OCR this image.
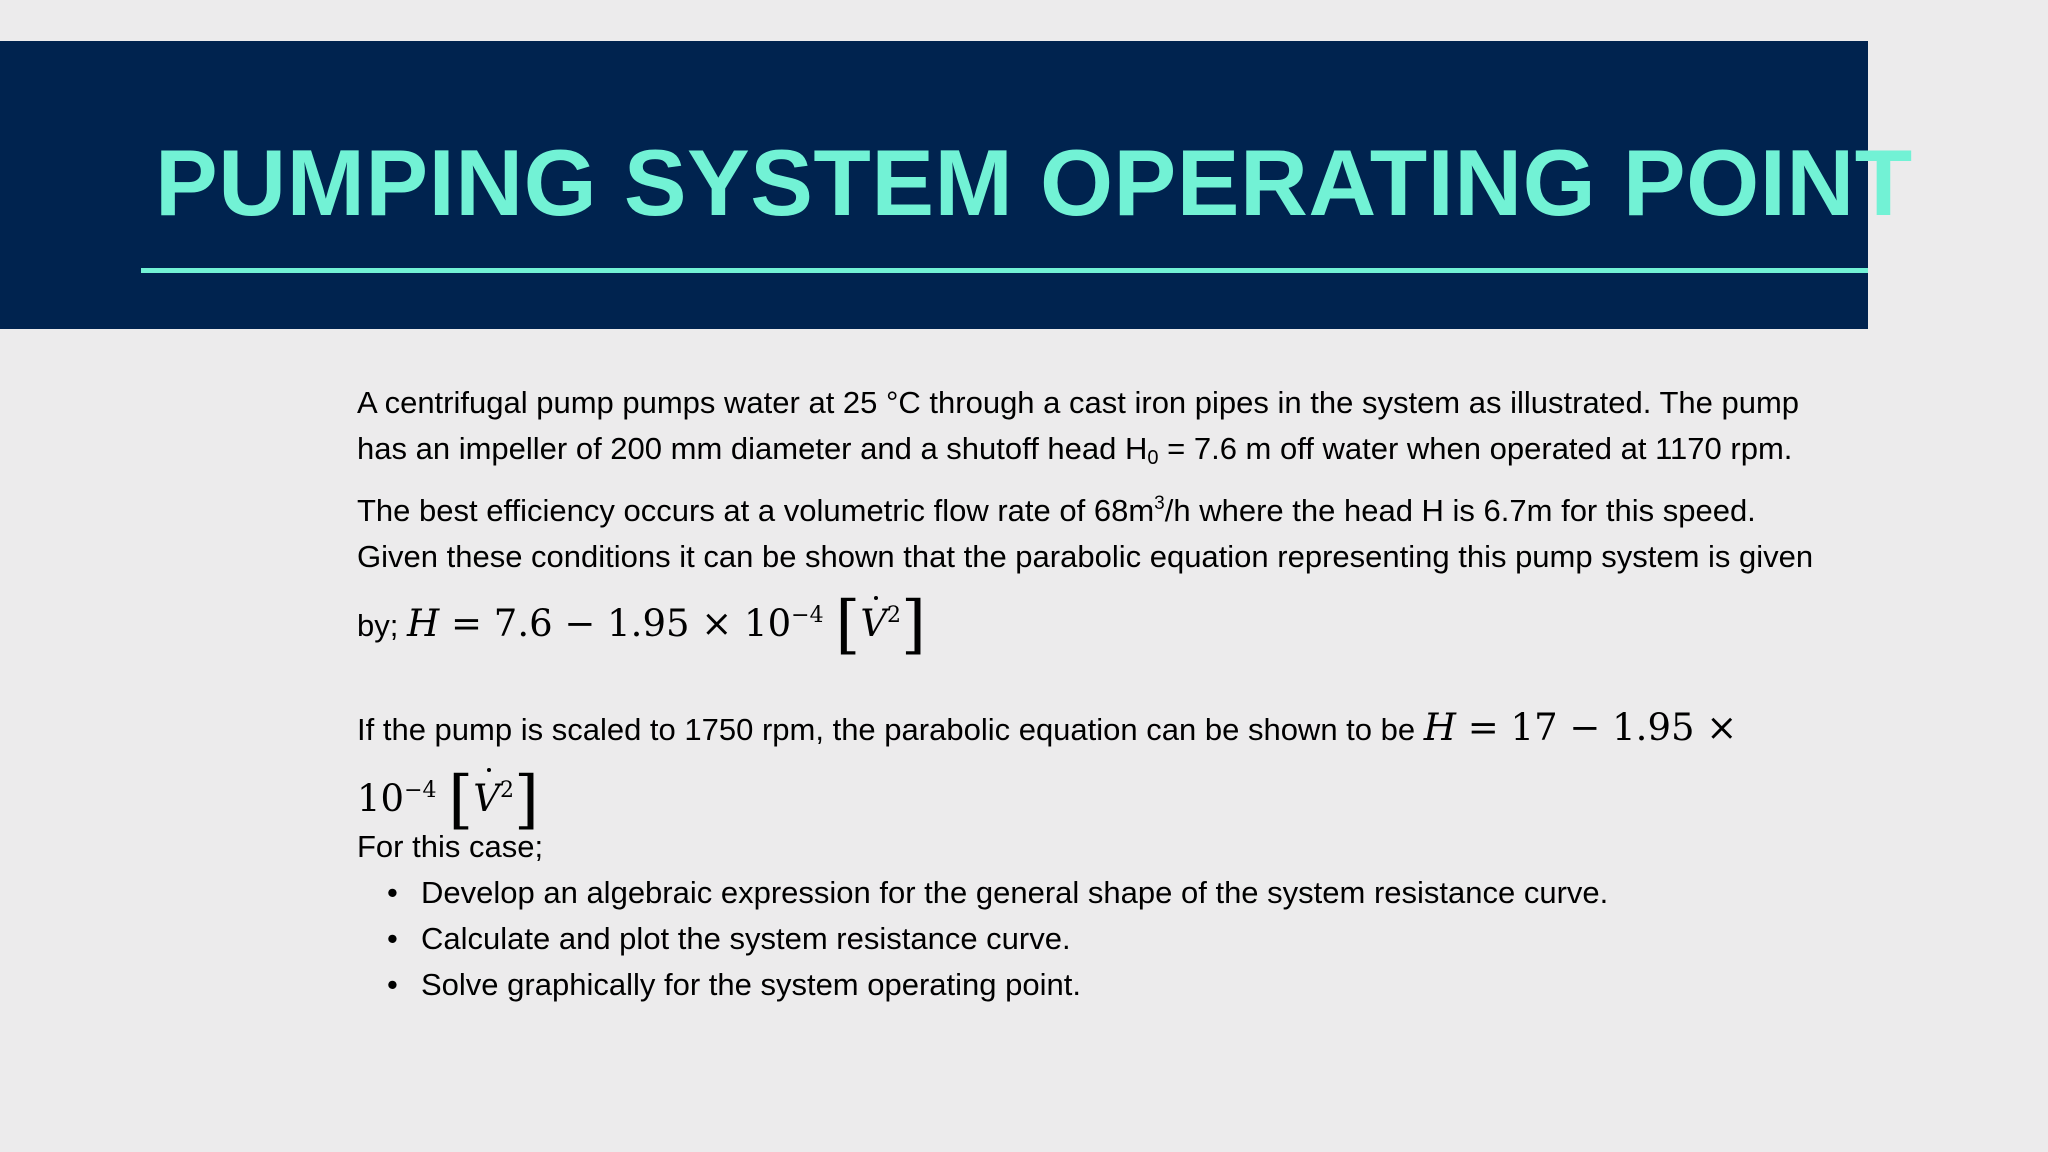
PUMPING SYSTEM OPERATING POINT
A centrifugal pump pumps water at 25 °C through a cast iron pipes in the system as illustrated. The pump
has an impeller of 200 mm diameter and a shutoff head $H_0 = 7.6$ m off water when operated at 1170 rpm.
The best efficiency occurs at a volumetric flow rate of $68m^3/h$ where the head H is 6.7m for this speed.
Given these conditions it can be shown that the parabolic equation representing this pump system is given
by; $H = 7.6 - 1.95 \times 10^{-4}$ $[V^2]$
If the pump is scaled to 1750 rpm, the parabolic equation can be shown to be H = 17 − 1.95 ×
$10^{-4}$ $[V^2]$
For this case;
• Develop an algebraic expression for the general shape of the system resistance curve.
• Calculate and plot the system resistance curve.
• Solve graphically for the system operating point.
